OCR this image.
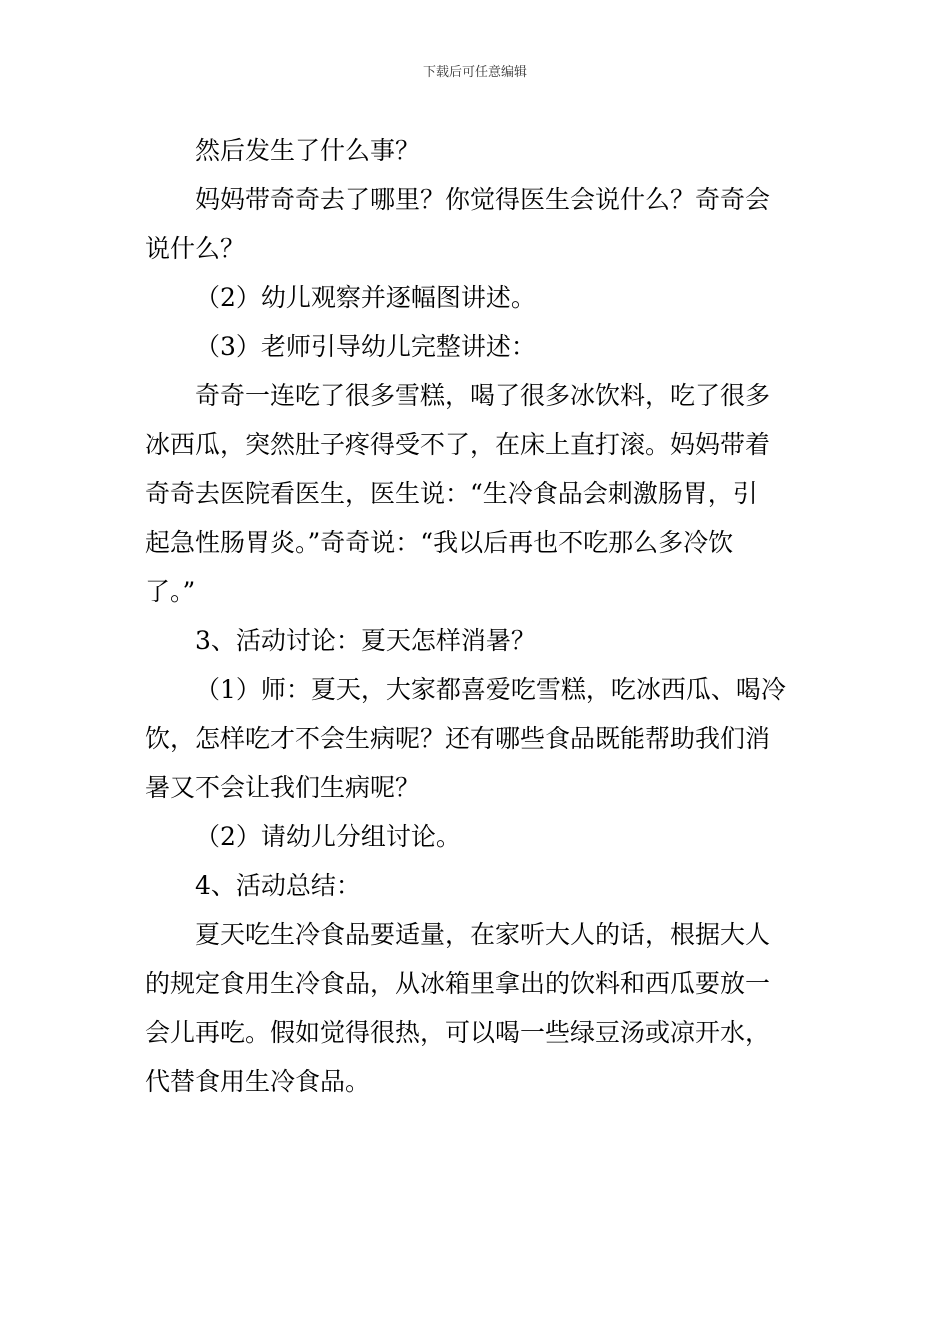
下载后可任意编辑

然后发生了什么事？

妈妈带奇奇去了哪里？你觉得医生会说什么？奇奇会
说什么？

（2）幼儿观察并逐幅图讲述。

（3）老师引导幼儿完整讲述：

奇奇一连吃了很多雪糕，喝了很多冰饮料，吃了很多
冰西瓜，突然肚子疼得受不了，在床上直打滚。妈妈带着
奇奇去医院看医生，医生说：“生冷食品会刺激肠胃，引
起急性肠胃炎。”奇奇说：“我以后再也不吃那么多冷饮
了。”

3、活动讨论：夏天怎样消暑？

（1）师：夏天，大家都喜爱吃雪糕，吃冰西瓜、喝冷
饮，怎样吃才不会生病呢？还有哪些食品既能帮助我们消
暑又不会让我们生病呢？

（2）请幼儿分组讨论。

4、活动总结：

夏天吃生冷食品要适量，在家听大人的话，根据大人
的规定食用生冷食品，从冰箱里拿出的饮料和西瓜要放一
会儿再吃。假如觉得很热，可以喝一些绿豆汤或凉开水，
代替食用生冷食品。
